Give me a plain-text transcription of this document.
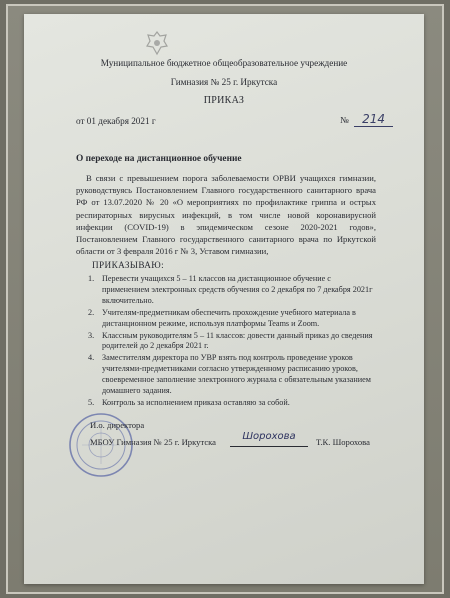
Муниципальное бюджетное общеобразовательное учреждение
Гимназия № 25 г. Иркутска
ПРИКАЗ
от 01 декабря 2021 г	№ 214
О переходе на дистанционное обучение
В связи с превышением порога заболеваемости ОРВИ учащихся гимназии, руководствуясь Постановлением Главного государственного санитарного врача РФ от 13.07.2020 № 20 «О мероприятиях по профилактике гриппа и острых респираторных вирусных инфекций, в том числе новой коронавирусной инфекции (COVID-19) в эпидемическом сезоне 2020-2021 годов», Постановлением Главного государственного санитарного врача по Иркутской области от 3 февраля 2016 г № 3, Уставом гимназии,
ПРИКАЗЫВАЮ:
1. Перевести учащихся 5 – 11 классов на дистанционное обучение с применением электронных средств обучения со 2 декабря по 7 декабря 2021г включительно.
2. Учителям-предметникам обеспечить прохождение учебного материала в дистанционном режиме, используя платформы Teams и Zoom.
3. Классным руководителям 5 – 11 классов: довести данный приказ до сведения родителей до 2 декабря 2021 г.
4. Заместителям директора по УВР взять под контроль проведение уроков учителями-предметниками согласно утвержденному расписанию уроков, своевременное заполнение электронного журнала с обязательным указанием домашнего задания.
5. Контроль за исполнением приказа оставляю за собой.
И.о. директора
МБОУ Гимназия № 25 г. Иркутска	Шорохова	Т.К. Шорохова
